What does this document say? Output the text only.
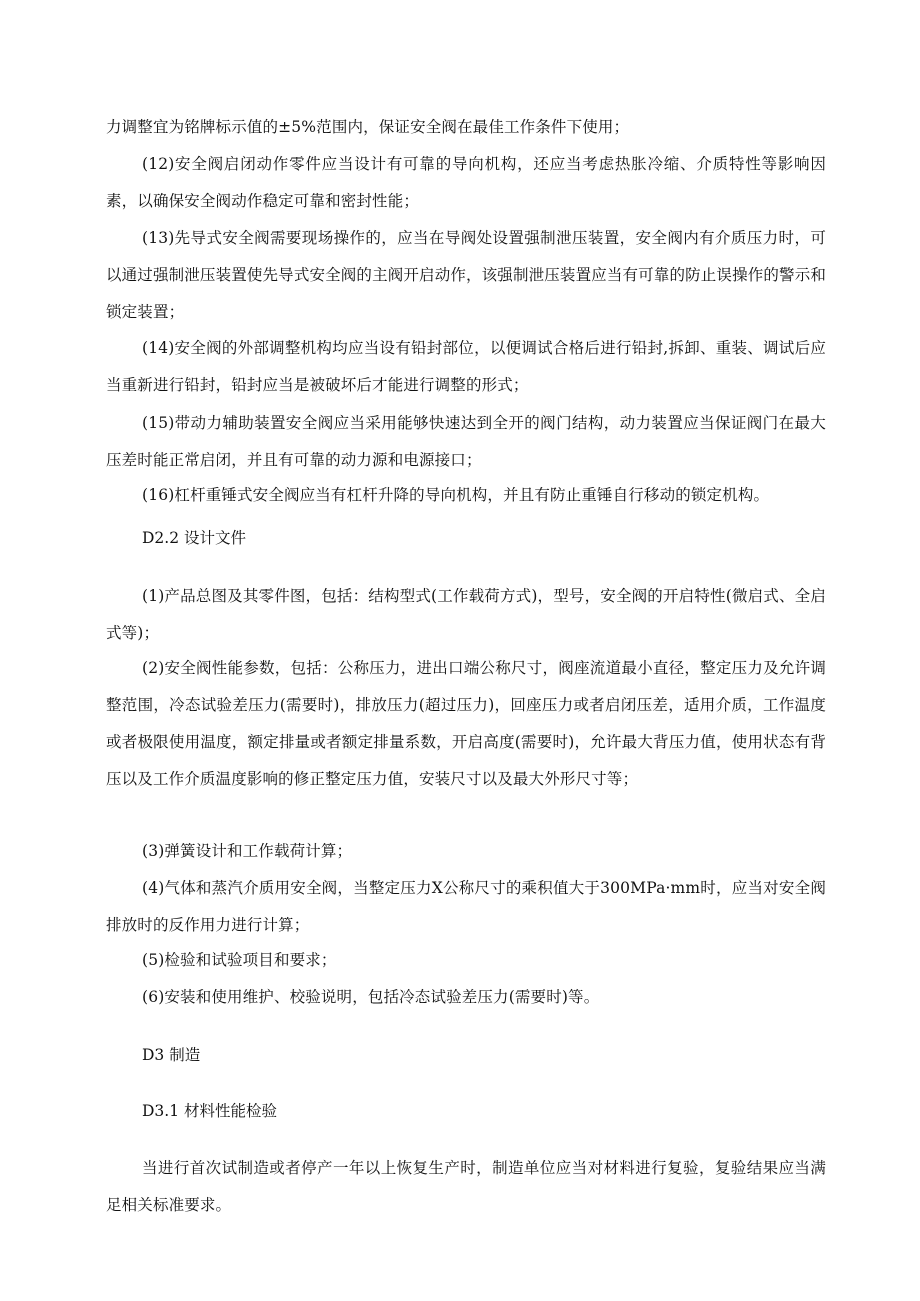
力调整宜为铭牌标示值的±5%范围内，保证安全阀在最佳工作条件下使用；

(12)安全阀启闭动作零件应当设计有可靠的导向机构，还应当考虑热胀冷缩、介质特性等影响因素，以确保安全阀动作稳定可靠和密封性能；

(13)先导式安全阀需要现场操作的，应当在导阀处设置强制泄压装置，安全阀内有介质压力时，可以通过强制泄压装置使先导式安全阀的主阀开启动作，该强制泄压装置应当有可靠的防止误操作的警示和锁定装置；

(14)安全阀的外部调整机构均应当设有铅封部位，以便调试合格后进行铅封,拆卸、重装、调试后应当重新进行铅封，铅封应当是被破坏后才能进行调整的形式；

(15)带动力辅助装置安全阀应当采用能够快速达到全开的阀门结构，动力装置应当保证阀门在最大压差时能正常启闭，并且有可靠的动力源和电源接口；

(16)杠杆重锤式安全阀应当有杠杆升降的导向机构，并且有防止重锤自行移动的锁定机构。

D2.2 设计文件

(1)产品总图及其零件图，包括：结构型式(工作载荷方式)，型号，安全阀的开启特性(微启式、全启式等)；

(2)安全阀性能参数，包括：公称压力，进出口端公称尺寸，阀座流道最小直径，整定压力及允许调整范围，冷态试验差压力(需要时)，排放压力(超过压力)，回座压力或者启闭压差，适用介质，工作温度或者极限使用温度，额定排量或者额定排量系数，开启高度(需要时)，允许最大背压力值，使用状态有背压以及工作介质温度影响的修正整定压力值，安装尺寸以及最大外形尺寸等；

(3)弹簧设计和工作载荷计算；

(4)气体和蒸汽介质用安全阀，当整定压力X公称尺寸的乘积值大于300MPa·mm时，应当对安全阀排放时的反作用力进行计算；

(5)检验和试验项目和要求；

(6)安装和使用维护、校验说明，包括冷态试验差压力(需要时)等。

D3 制造
D3.1 材料性能检验

当进行首次试制造或者停产一年以上恢复生产时，制造单位应当对材料进行复验，复验结果应当满足相关标准要求。
